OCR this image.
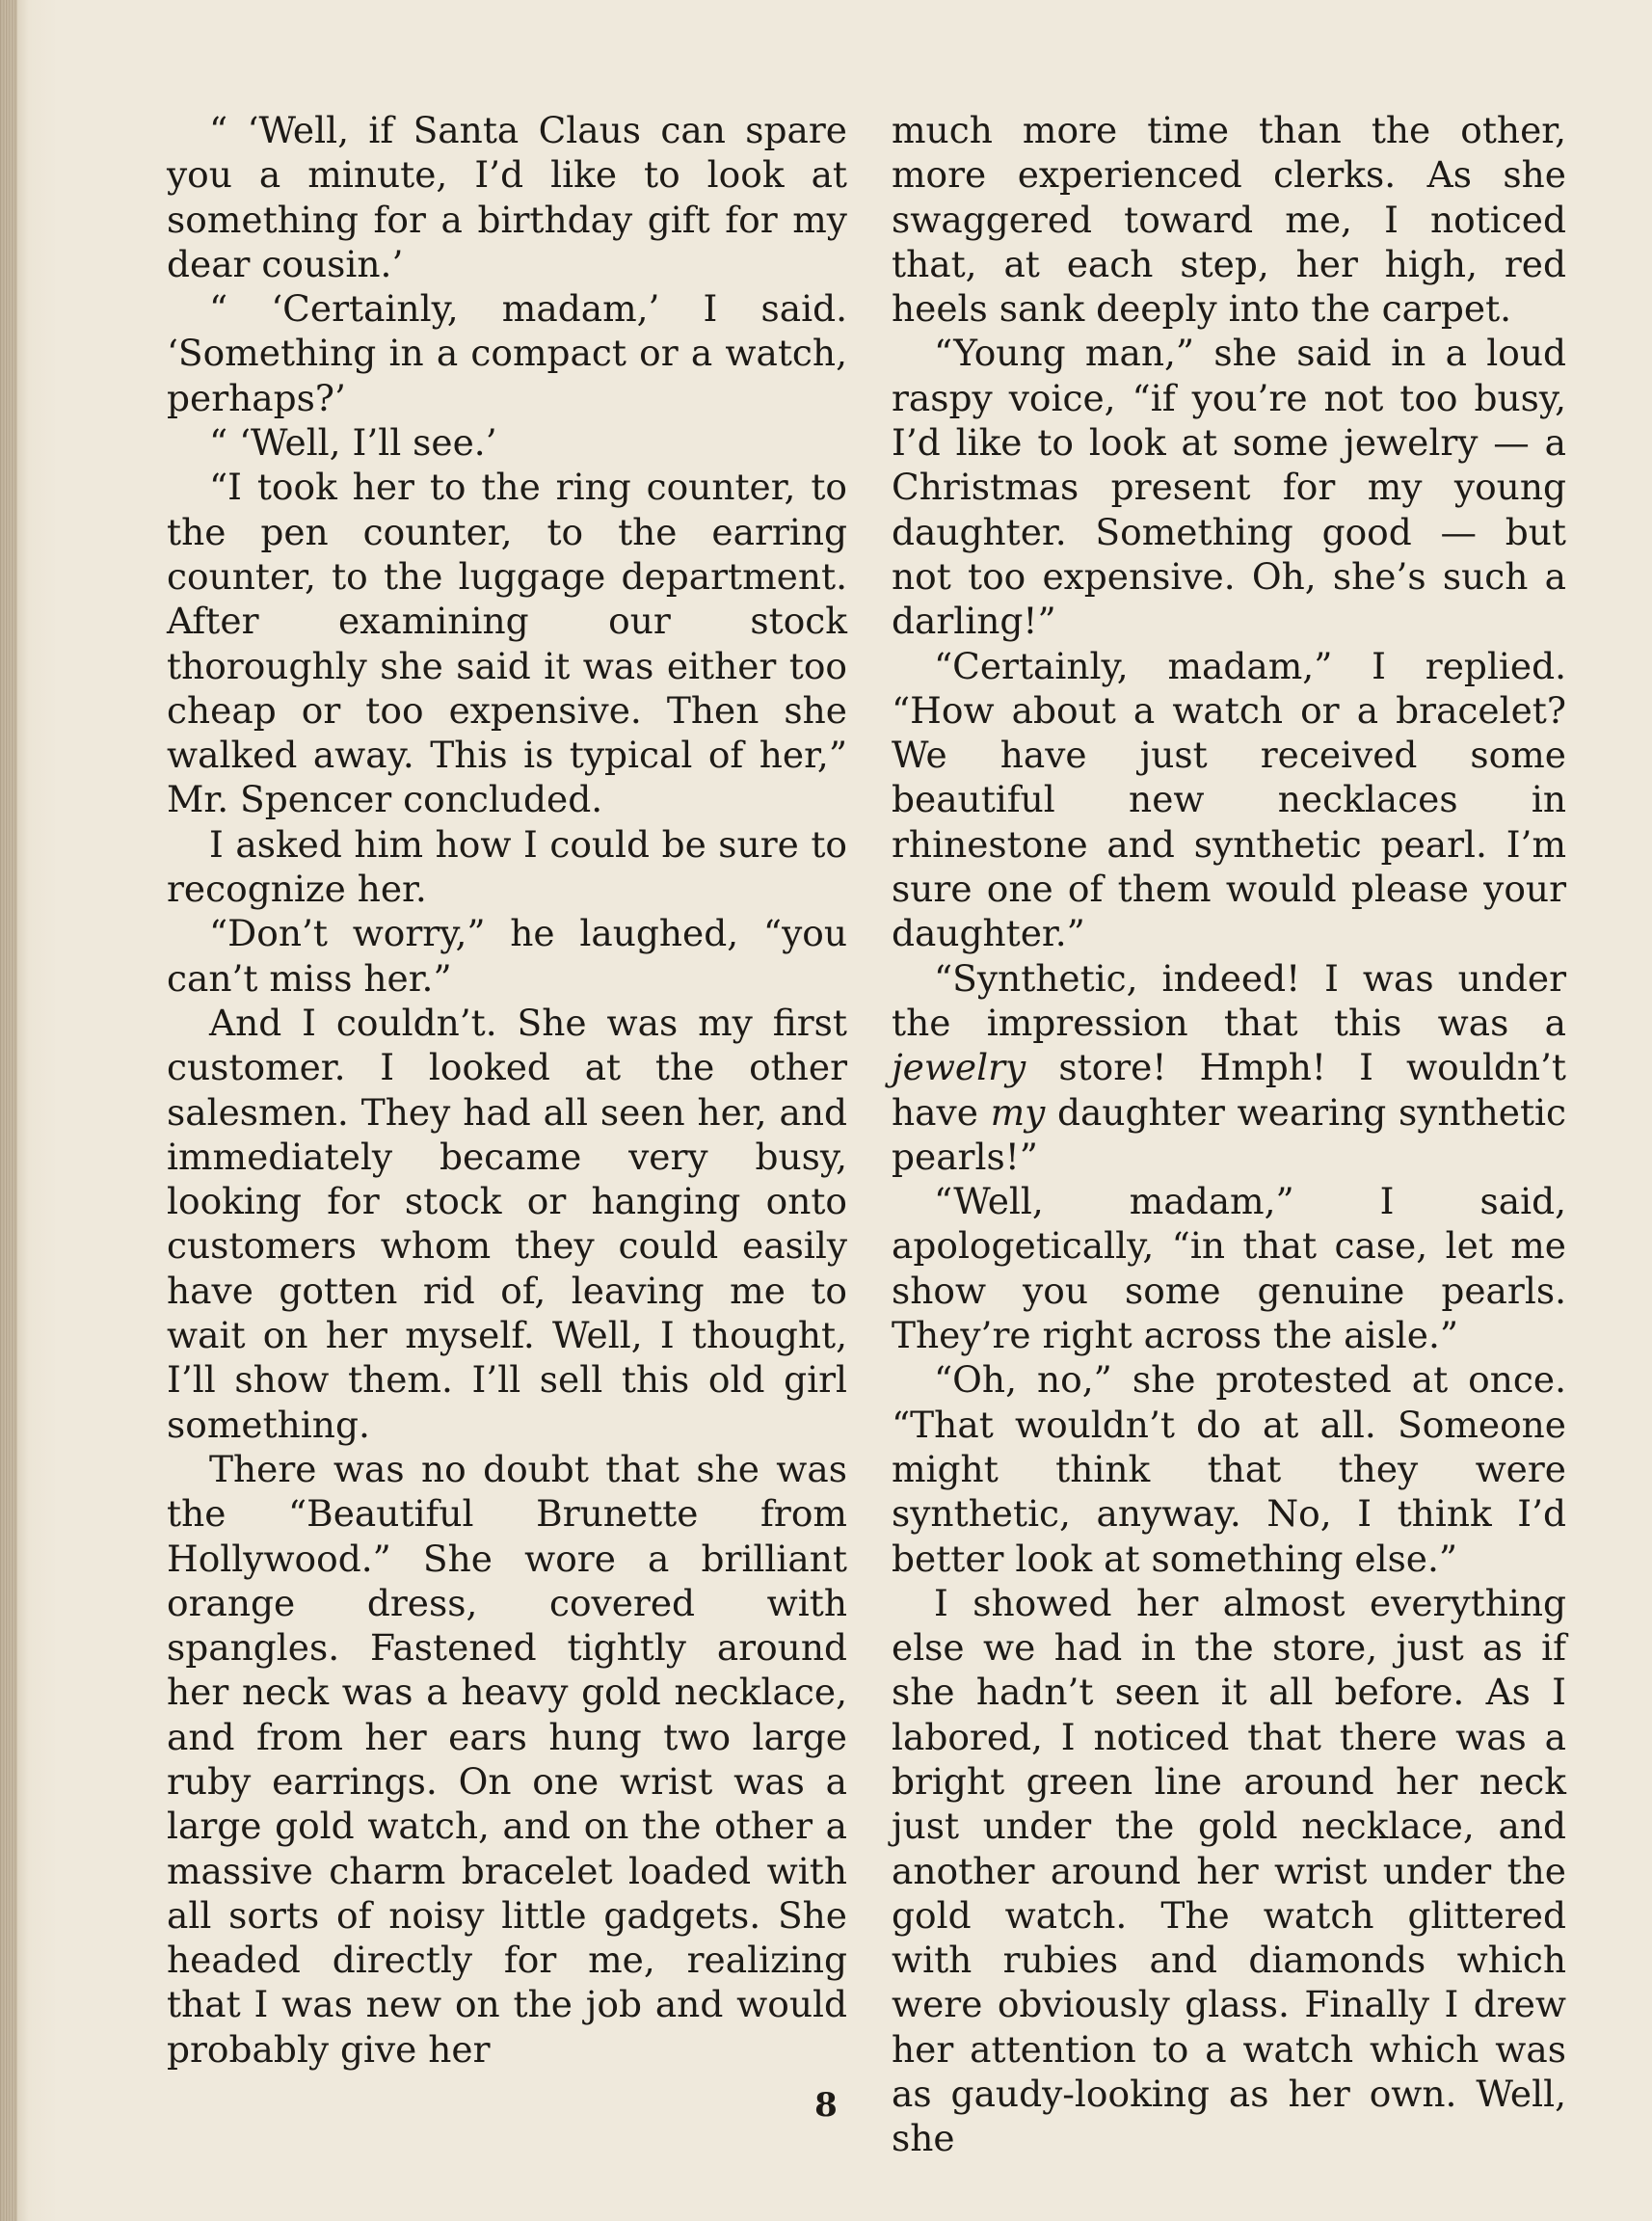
“ ‘Well, if Santa Claus can spare you a minute, I’d like to look at something for a birthday gift for my dear cousin.’

“ ‘Certainly, madam,’ I said. ‘Something in a compact or a watch, perhaps?’

“ ‘Well, I’ll see.’

“I took her to the ring counter, to the pen counter, to the earring counter, to the luggage department. After examining our stock thoroughly she said it was either too cheap or too expensive. Then she walked away. This is typical of her,” Mr. Spencer concluded.

I asked him how I could be sure to recognize her.

“Don’t worry,” he laughed, “you can’t miss her.”

And I couldn’t. She was my first customer. I looked at the other salesmen. They had all seen her, and immediately became very busy, looking for stock or hanging onto customers whom they could easily have gotten rid of, leaving me to wait on her myself. Well, I thought, I’ll show them. I’ll sell this old girl something.

There was no doubt that she was the “Beautiful Brunette from Hollywood.” She wore a brilliant orange dress, covered with spangles. Fastened tightly around her neck was a heavy gold necklace, and from her ears hung two large ruby earrings. On one wrist was a large gold watch, and on the other a massive charm bracelet loaded with all sorts of noisy little gadgets. She headed directly for me, realizing that I was new on the job and would probably give her

much more time than the other, more experienced clerks. As she swaggered toward me, I noticed that, at each step, her high, red heels sank deeply into the carpet.

“Young man,” she said in a loud raspy voice, “if you’re not too busy, I’d like to look at some jewelry — a Christmas present for my young daughter. Something good — but not too expensive. Oh, she’s such a darling!”

“Certainly, madam,” I replied. “How about a watch or a bracelet? We have just received some beautiful new necklaces in rhinestone and synthetic pearl. I’m sure one of them would please your daughter.”

“Synthetic, indeed! I was under the impression that this was a jewelry store! Hmph! I wouldn’t have my daughter wearing synthetic pearls!”

“Well, madam,” I said, apologetically, “in that case, let me show you some genuine pearls. They’re right across the aisle.”

“Oh, no,” she protested at once. “That wouldn’t do at all. Someone might think that they were synthetic, anyway. No, I think I’d better look at something else.”

I showed her almost everything else we had in the store, just as if she hadn’t seen it all before. As I labored, I noticed that there was a bright green line around her neck just under the gold necklace, and another around her wrist under the gold watch. The watch glittered with rubies and diamonds which were obviously glass. Finally I drew her attention to a watch which was as gaudy-looking as her own. Well, she

8
